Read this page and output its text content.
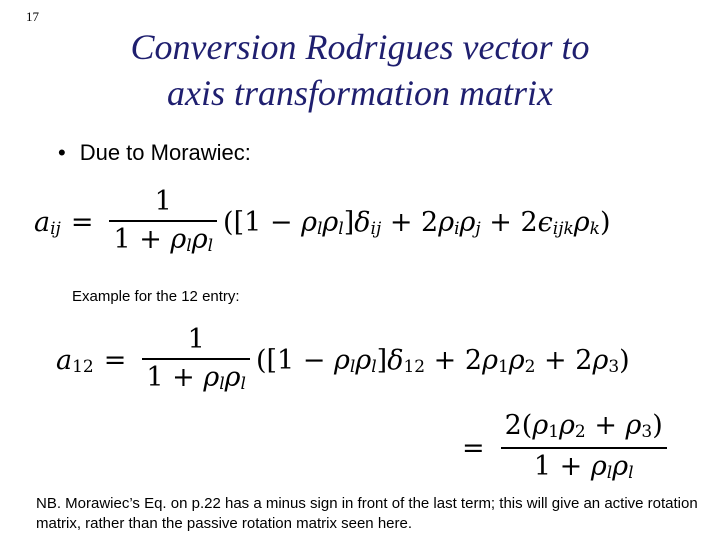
17
Conversion Rodrigues vector to
axis transformation matrix
• Due to Morawiec:
$a_{ij} = \frac{1}{1 + \rho_l\rho_l} ([1 - \rho_l\rho_l]\delta_{ij} + 2\rho_i\rho_j + 2\epsilon_{ijk}\rho_k)$
Example for the 12 entry:
$a_{12} = \frac{1}{1 + \rho_l\rho_l} ([1 - \rho_l\rho_l]\delta_{12} + 2\rho_1\rho_2 + 2\rho_3)$
= $\frac{2(\rho_1\rho_2 + \rho_3)}{1 + \rho_l\rho_l}$
NB. Morawiec’s Eq. on p.22 has a minus sign in front of the last term; this will give an active rotation matrix, rather than the passive rotation matrix seen here.
